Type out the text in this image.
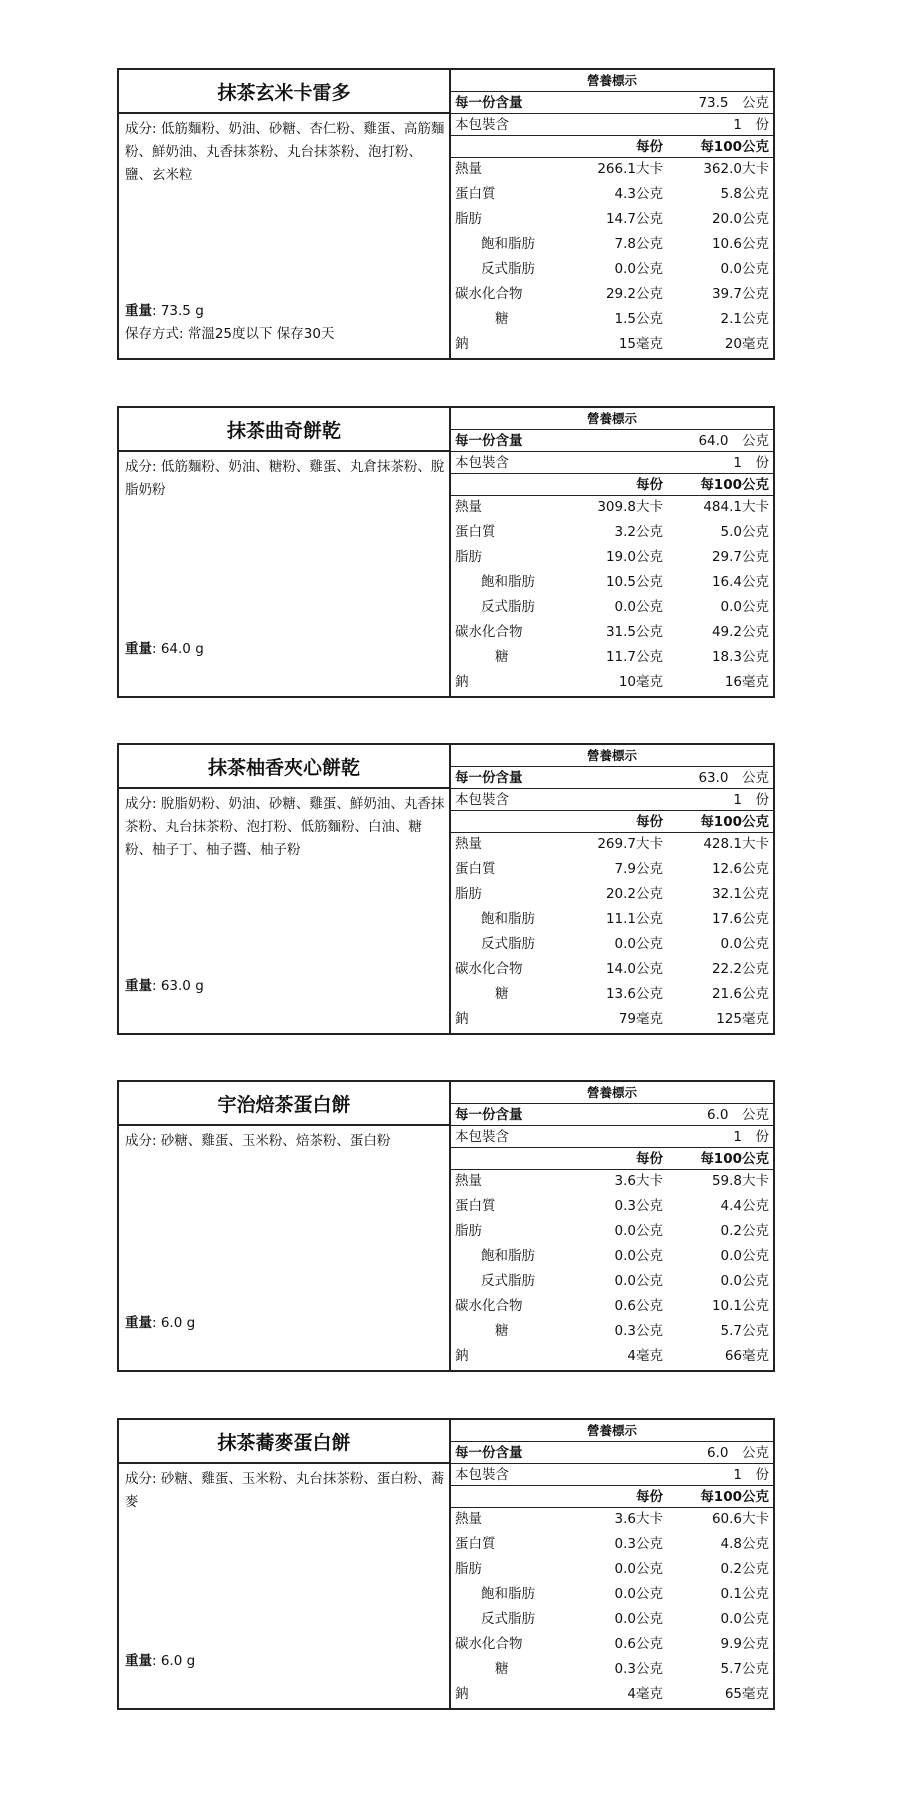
抹茶玄米卡雷多
成分: 低筋麵粉、奶油、砂糖、杏仁粉、雞蛋、高筋麵粉、鮮奶油、丸香抹茶粉、丸台抹茶粉、泡打粉、鹽、玄米粒
重量: 73.5 g
保存方式: 常溫25度以下 保存30天
營養標示
每一份含量	73.5　公克
本包裝含	1　份
每份	每100公克
熱量	266.1大卡	362.0大卡
蛋白質	4.3公克	5.8公克
脂肪	14.7公克	20.0公克
飽和脂肪	7.8公克	10.6公克
反式脂肪	0.0公克	0.0公克
碳水化合物	29.2公克	39.7公克
糖	1.5公克	2.1公克
鈉	15毫克	20毫克
抹茶曲奇餅乾
成分: 低筋麵粉、奶油、糖粉、雞蛋、丸倉抹茶粉、脫脂奶粉
重量: 64.0 g
營養標示
每一份含量	64.0　公克
本包裝含	1　份
每份	每100公克
熱量	309.8大卡	484.1大卡
蛋白質	3.2公克	5.0公克
脂肪	19.0公克	29.7公克
飽和脂肪	10.5公克	16.4公克
反式脂肪	0.0公克	0.0公克
碳水化合物	31.5公克	49.2公克
糖	11.7公克	18.3公克
鈉	10毫克	16毫克
抹茶柚香夾心餅乾
成分: 脫脂奶粉、奶油、砂糖、雞蛋、鮮奶油、丸香抹茶粉、丸台抹茶粉、泡打粉、低筋麵粉、白油、糖粉、柚子丁、柚子醬、柚子粉
重量: 63.0 g
營養標示
每一份含量	63.0　公克
本包裝含	1　份
每份	每100公克
熱量	269.7大卡	428.1大卡
蛋白質	7.9公克	12.6公克
脂肪	20.2公克	32.1公克
飽和脂肪	11.1公克	17.6公克
反式脂肪	0.0公克	0.0公克
碳水化合物	14.0公克	22.2公克
糖	13.6公克	21.6公克
鈉	79毫克	125毫克
宇治焙茶蛋白餅
成分: 砂糖、雞蛋、玉米粉、焙茶粉、蛋白粉
重量: 6.0 g
營養標示
每一份含量	6.0　公克
本包裝含	1　份
每份	每100公克
熱量	3.6大卡	59.8大卡
蛋白質	0.3公克	4.4公克
脂肪	0.0公克	0.2公克
飽和脂肪	0.0公克	0.0公克
反式脂肪	0.0公克	0.0公克
碳水化合物	0.6公克	10.1公克
糖	0.3公克	5.7公克
鈉	4毫克	66毫克
抹茶蕎麥蛋白餅
成分: 砂糖、雞蛋、玉米粉、丸台抹茶粉、蛋白粉、蕎麥
重量: 6.0 g
營養標示
每一份含量	6.0　公克
本包裝含	1　份
每份	每100公克
熱量	3.6大卡	60.6大卡
蛋白質	0.3公克	4.8公克
脂肪	0.0公克	0.2公克
飽和脂肪	0.0公克	0.1公克
反式脂肪	0.0公克	0.0公克
碳水化合物	0.6公克	9.9公克
糖	0.3公克	5.7公克
鈉	4毫克	65毫克
